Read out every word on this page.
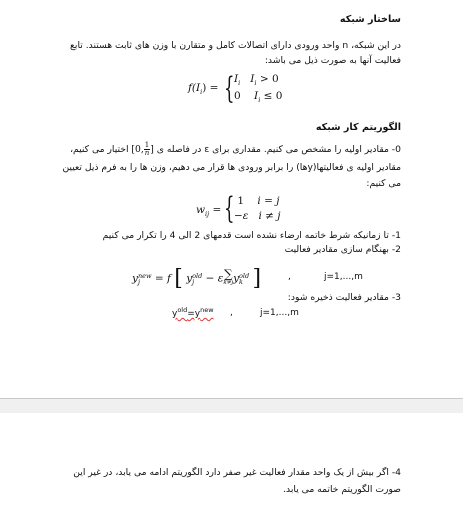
ساختار شبکه
در این شبکه، n واحد ورودی دارای اتصالات کامل و متقارن با وزن های ثابت هستند. تابع
فعالیت آنها به صورت ذیل می باشد:
$f(I_i)$ = { $I_i$ $I_i > 0$
0 $I_i \le 0$
الگوریتم کار شبکه
0- مقادیر اولیه را مشخص می کنیم. مقداری برای ε در فاصله ی [0, $\frac{1}{n}$ ] اختیار می کنیم،
مقادیر اولیه ی فعالیتها(yها) را برابر ورودی ها قرار می دهیم، وزن ها را به فرم ذیل تعیین
می کنیم:
$w_{ij}$ = { 1 i = j
−ε i ≠ j
1- تا زمانیکه شرط خاتمه ارضاء نشده است قدمهای 2 الی 4 را تکرار می کنیم
2- بهنگام سازی مقادیر فعالیت
y new
j	= f [ y old
j	− ε ∑
k≠j y old
k ]	,	j=1,...,m
3- مقادیر فعالیت ذخیره شود:
$y^{old}=y^{new}$ ,	j=1,...,m
4- اگر بیش از یک واحد مقدار فعالیت غیر صفر دارد الگوریتم ادامه می یابد، در غیر این
صورت الگوریتم خاتمه می یابد.
